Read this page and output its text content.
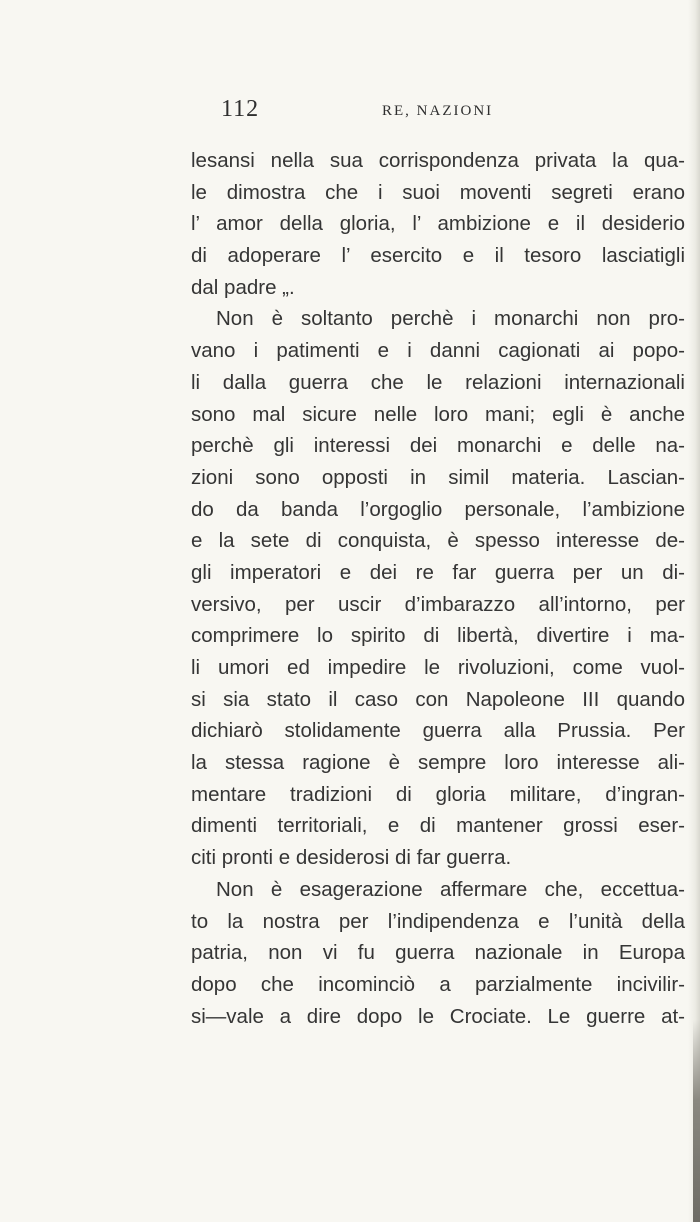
112	RE, NAZIONI
lesansi nella sua corrispondenza privata la qua-
le dimostra che i suoi moventi segreti erano
l’ amor della gloria, l’ ambizione e il desiderio
di adoperare l’ esercito e il tesoro lasciatigli
dal padre „.
Non è soltanto perchè i monarchi non pro-
vano i patimenti e i danni cagionati ai popo-
li dalla guerra che le relazioni internazionali
sono mal sicure nelle loro mani; egli è anche
perchè gli interessi dei monarchi e delle na-
zioni sono opposti in simil materia. Lascian-
do da banda l’orgoglio personale, l’ambizione
e la sete di conquista, è spesso interesse de-
gli imperatori e dei re far guerra per un di-
versivo, per uscir d’imbarazzo all’intorno, per
comprimere lo spirito di libertà, divertire i ma-
li umori ed impedire le rivoluzioni, come vuol-
si sia stato il caso con Napoleone III quando
dichiarò stolidamente guerra alla Prussia. Per
la stessa ragione è sempre loro interesse ali-
mentare tradizioni di gloria militare, d’ingran-
dimenti territoriali, e di mantener grossi eser-
citi pronti e desiderosi di far guerra.
Non è esagerazione affermare che, eccettua-
to la nostra per l’indipendenza e l’unità della
patria, non vi fu guerra nazionale in Europa
dopo che incominciò a parzialmente incivilir-
si—vale a dire dopo le Crociate. Le guerre at-
